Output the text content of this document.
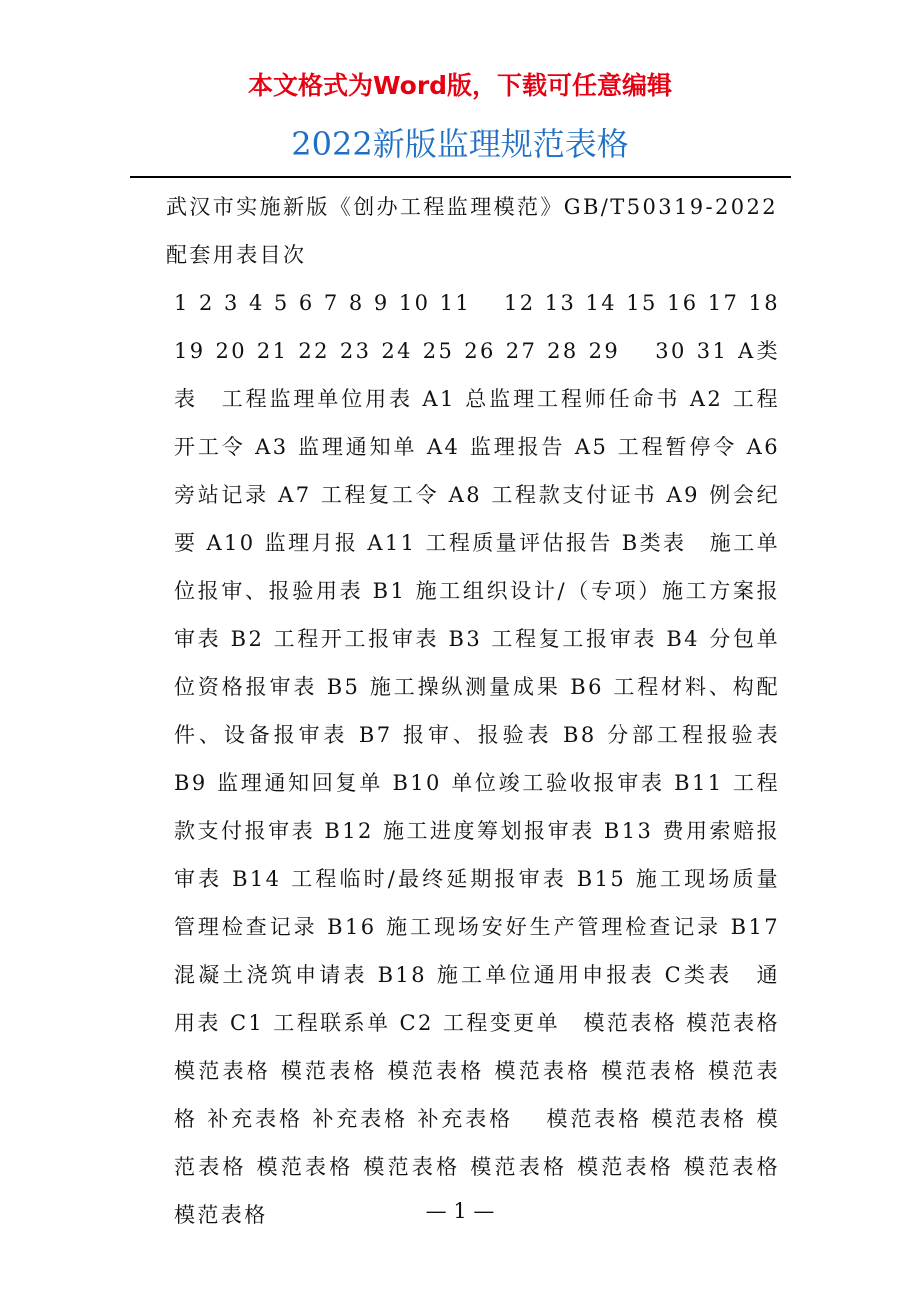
本文格式为Word版，下载可任意编辑
2022新版监理规范表格

武汉市实施新版《创办工程监理模范》GB/T50319-2022

配套用表目次

1 2 3 4 5 6 7 8 9 10 11　 12 13 14 15 16 17 18 19 20 21 22 23 24 25 26 27 28 29　 30 31 A类表　工程监理单位用表 A1 总监理工程师任命书 A2 工程开工令 A3 监理通知单 A4 监理报告 A5 工程暂停令 A6 旁站记录 A7 工程复工令 A8 工程款支付证书 A9 例会纪要 A10 监理月报 A11 工程质量评估报告 B类表　施工单位报审、报验用表 B1 施工组织设计/（专项）施工方案报审表 B2 工程开工报审表 B3 工程复工报审表 B4 分包单位资格报审表 B5 施工操纵测量成果 B6 工程材料、构配件、设备报审表 B7 报审、报验表 B8 分部工程报验表 B9 监理通知回复单 B10 单位竣工验收报审表 B11 工程款支付报审表 B12 施工进度筹划报审表 B13 费用索赔报审表 B14 工程临时/最终延期报审表 B15 施工现场质量管理检查记录 B16 施工现场安好生产管理检查记录 B17 混凝土浇筑申请表 B18 施工单位通用申报表 C类表　通用表 C1 工程联系单 C2 工程变更单　模范表格 模范表格 模范表格 模范表格 模范表格 模范表格 模范表格 模范表格 补充表格 补充表格 补充表格　 模范表格 模范表格 模范表格 模范表格 模范表格 模范表格 模范表格 模范表格 模范表格	— 1 —
